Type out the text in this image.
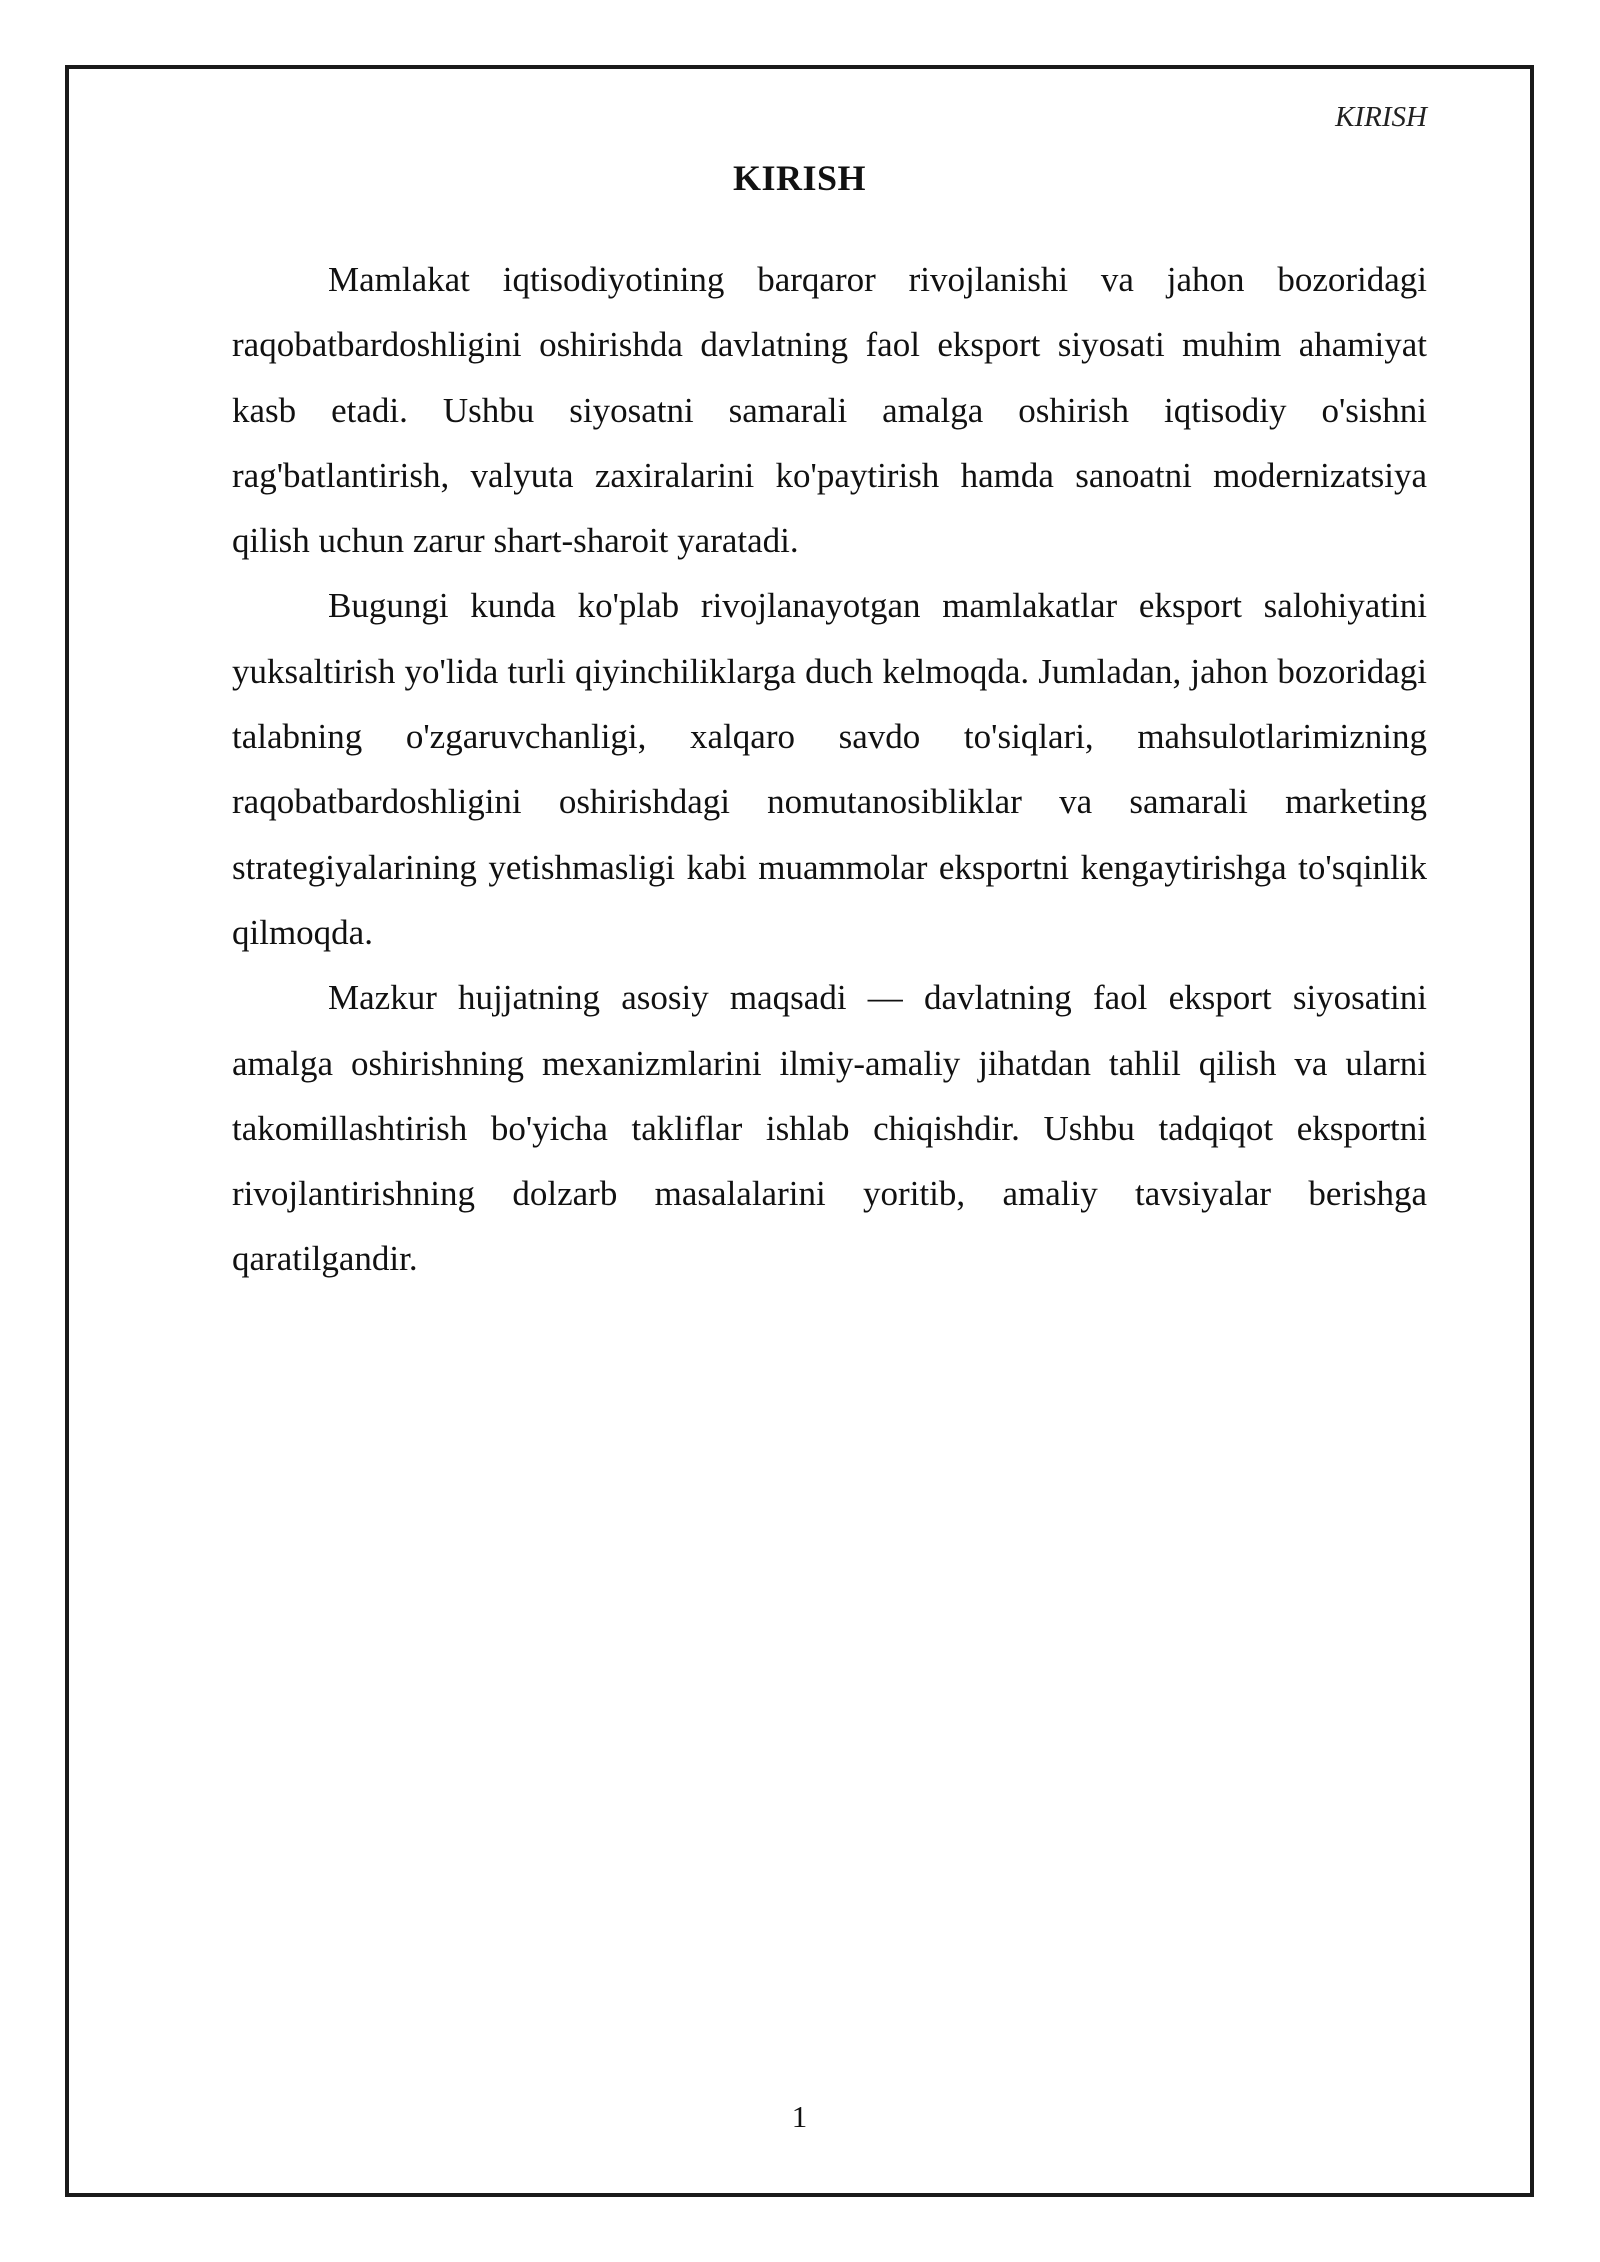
KIRISH
KIRISH

Mamlakat iqtisodiyotining barqaror rivojlanishi va jahon bozoridagi raqobatbardoshligini oshirishda davlatning faol eksport siyosati muhim ahamiyat kasb etadi. Ushbu siyosatni samarali amalga oshirish iqtisodiy o'sishni rag'batlantirish, valyuta zaxiralarini ko'paytirish hamda sanoatni modernizatsiya qilish uchun zarur shart-sharoit yaratadi.

Bugungi kunda ko'plab rivojlanayotgan mamlakatlar eksport salohiyatini yuksaltirish yo'lida turli qiyinchiliklarga duch kelmoqda. Jumladan, jahon bozoridagi talabning o'zgaruvchanligi, xalqaro savdo to'siqlari, mahsulotlarimizning raqobatbardoshligini oshirishdagi nomutanosibliklar va samarali marketing strategiyalarining yetishmasligi kabi muammolar eksportni kengaytirishga to'sqinlik qilmoqda.

Mazkur hujjatning asosiy maqsadi — davlatning faol eksport siyosatini amalga oshirishning mexanizmlarini ilmiy-amaliy jihatdan tahlil qilish va ularni takomillashtirish bo'yicha takliflar ishlab chiqishdir. Ushbu tadqiqot eksportni rivojlantirishning dolzarb masalalarini yoritib, amaliy tavsiyalar berishga qaratilgandir.

1
